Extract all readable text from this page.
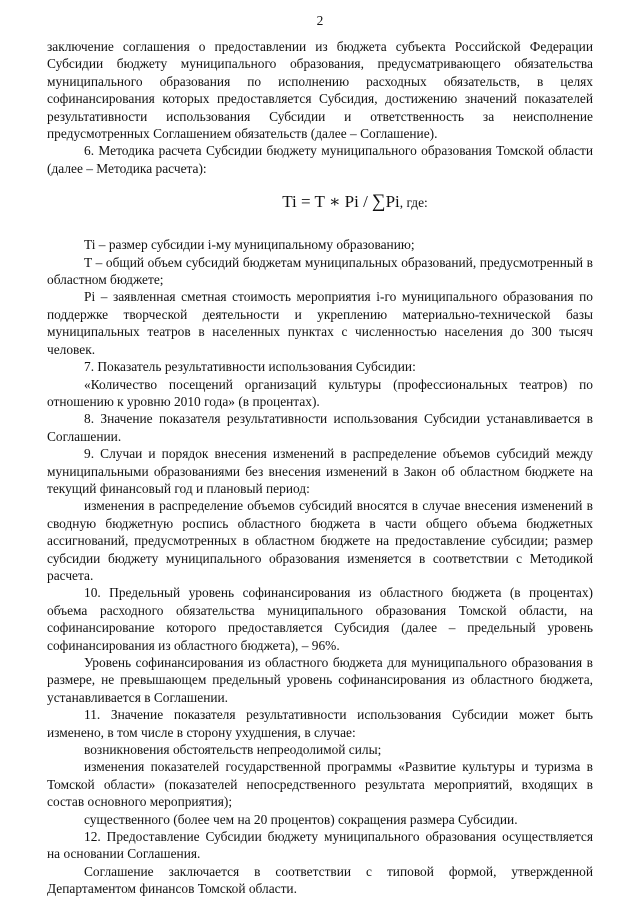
2

заключение соглашения о предоставлении из бюджета субъекта Российской Федерации Субсидии бюджету муниципального образования, предусматривающего обязательства муниципального образования по исполнению расходных обязательств, в целях софинансирования которых предоставляется Субсидия, достижению значений показателей результативности использования Субсидии и ответственность за неисполнение предусмотренных Соглашением обязательств (далее – Соглашение).

6. Методика расчета Субсидии бюджету муниципального образования Томской области (далее – Методика расчета):

Ti = T ∗ Pi / ∑Pi, где:

Ti – размер субсидии i-му муниципальному образованию;

T – общий объем субсидий бюджетам муниципальных образований, предусмотренный в областном бюджете;

Pi – заявленная сметная стоимость мероприятия i-го муниципального образования по поддержке творческой деятельности и укреплению материально-технической базы муниципальных театров в населенных пунктах с численностью населения до 300 тысяч человек.

7. Показатель результативности использования Субсидии:

«Количество посещений организаций культуры (профессиональных театров) по отношению к уровню 2010 года» (в процентах).

8. Значение показателя результативности использования Субсидии устанавливается в Соглашении.

9. Случаи и порядок внесения изменений в распределение объемов субсидий между муниципальными образованиями без внесения изменений в Закон об областном бюджете на текущий финансовый год и плановый период:

изменения в распределение объемов субсидий вносятся в случае внесения изменений в сводную бюджетную роспись областного бюджета в части общего объема бюджетных ассигнований, предусмотренных в областном бюджете на предоставление субсидии; размер субсидии бюджету муниципального образования изменяется в соответствии с Методикой расчета.

10. Предельный уровень софинансирования из областного бюджета (в процентах) объема расходного обязательства муниципального образования Томской области, на софинансирование которого предоставляется Субсидия (далее – предельный уровень софинансирования из областного бюджета), – 96%.

Уровень софинансирования из областного бюджета для муниципального образования в размере, не превышающем предельный уровень софинансирования из областного бюджета, устанавливается в Соглашении.

11. Значение показателя результативности использования Субсидии может быть изменено, в том числе в сторону ухудшения, в случае:

возникновения обстоятельств непреодолимой силы;

изменения показателей государственной программы «Развитие культуры и туризма в Томской области» (показателей непосредственного результата мероприятий, входящих в состав основного мероприятия);

существенного (более чем на 20 процентов) сокращения размера Субсидии.

12. Предоставление Субсидии бюджету муниципального образования осуществляется на основании Соглашения.

Соглашение заключается в соответствии с типовой формой, утвержденной Департаментом финансов Томской области.
